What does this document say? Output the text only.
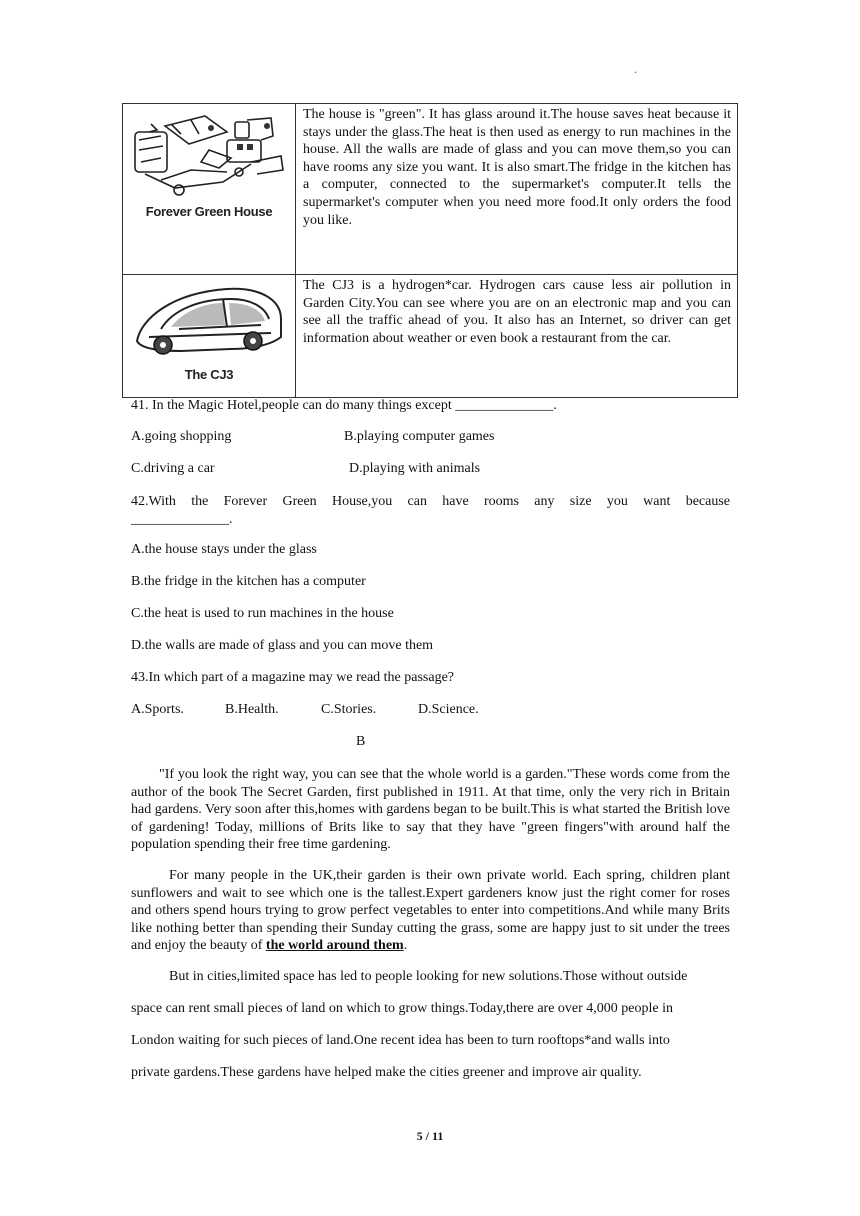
.
Forever Green House	The house is "green". It has glass around it.The house saves heat because it stays under the glass.The heat is then used as energy to run machines in the house. All the walls are made of glass and you can move them,so you can have rooms any size you want. It is also smart.The fridge in the kitchen has a computer, connected to the supermarket's computer.It tells the supermarket's computer when you need more food.It only orders the food you like.

The CJ3	The CJ3 is a hydrogen*car. Hydrogen cars cause less air pollution in Garden City.You can see where you are on an electronic map and you can see all the traffic ahead of you. It also has an Internet, so driver can get information about weather or even book a restaurant from the car.
41. In the Magic Hotel,people can do many things except ______________.
A.going shopping	B.playing computer games
C.driving a car	D.playing with animals
42.With the Forever Green House,you can have rooms any size you want because ______________.
A.the house stays under the glass
B.the fridge in the kitchen has a computer
C.the heat is used to run machines in the house
D.the walls are made of glass and you can move them
43.In which part of a magazine may we read the passage?
A.Sports.	B.Health.	C.Stories.	D.Science.
B
"If you look the right way, you can see that the whole world is a garden."These words come from the author of the book The Secret Garden, first published in 1911. At that time, only the very rich in Britain had gardens. Very soon after this,homes with gardens began to be built.This is what started the British love of gardening! Today, millions of Brits like to say that they have "green fingers"with around half the population spending their free time gardening.
For many people in the UK,their garden is their own private world. Each spring, children plant sunflowers and wait to see which one is the tallest.Expert gardeners know just the right comer for roses and others spend hours trying to grow perfect vegetables to enter into competitions.And while many Brits like nothing better than spending their Sunday cutting the grass, some are happy just to sit under the trees and enjoy the beauty of the world around them.
But in cities,limited space has led to people looking for new solutions.Those without outside
space can rent small pieces of land on which to grow things.Today,there are over 4,000 people in
London waiting for such pieces of land.One recent idea has been to turn rooftops*and walls into
private gardens.These gardens have helped make the cities greener and improve air quality.
5 / 11
